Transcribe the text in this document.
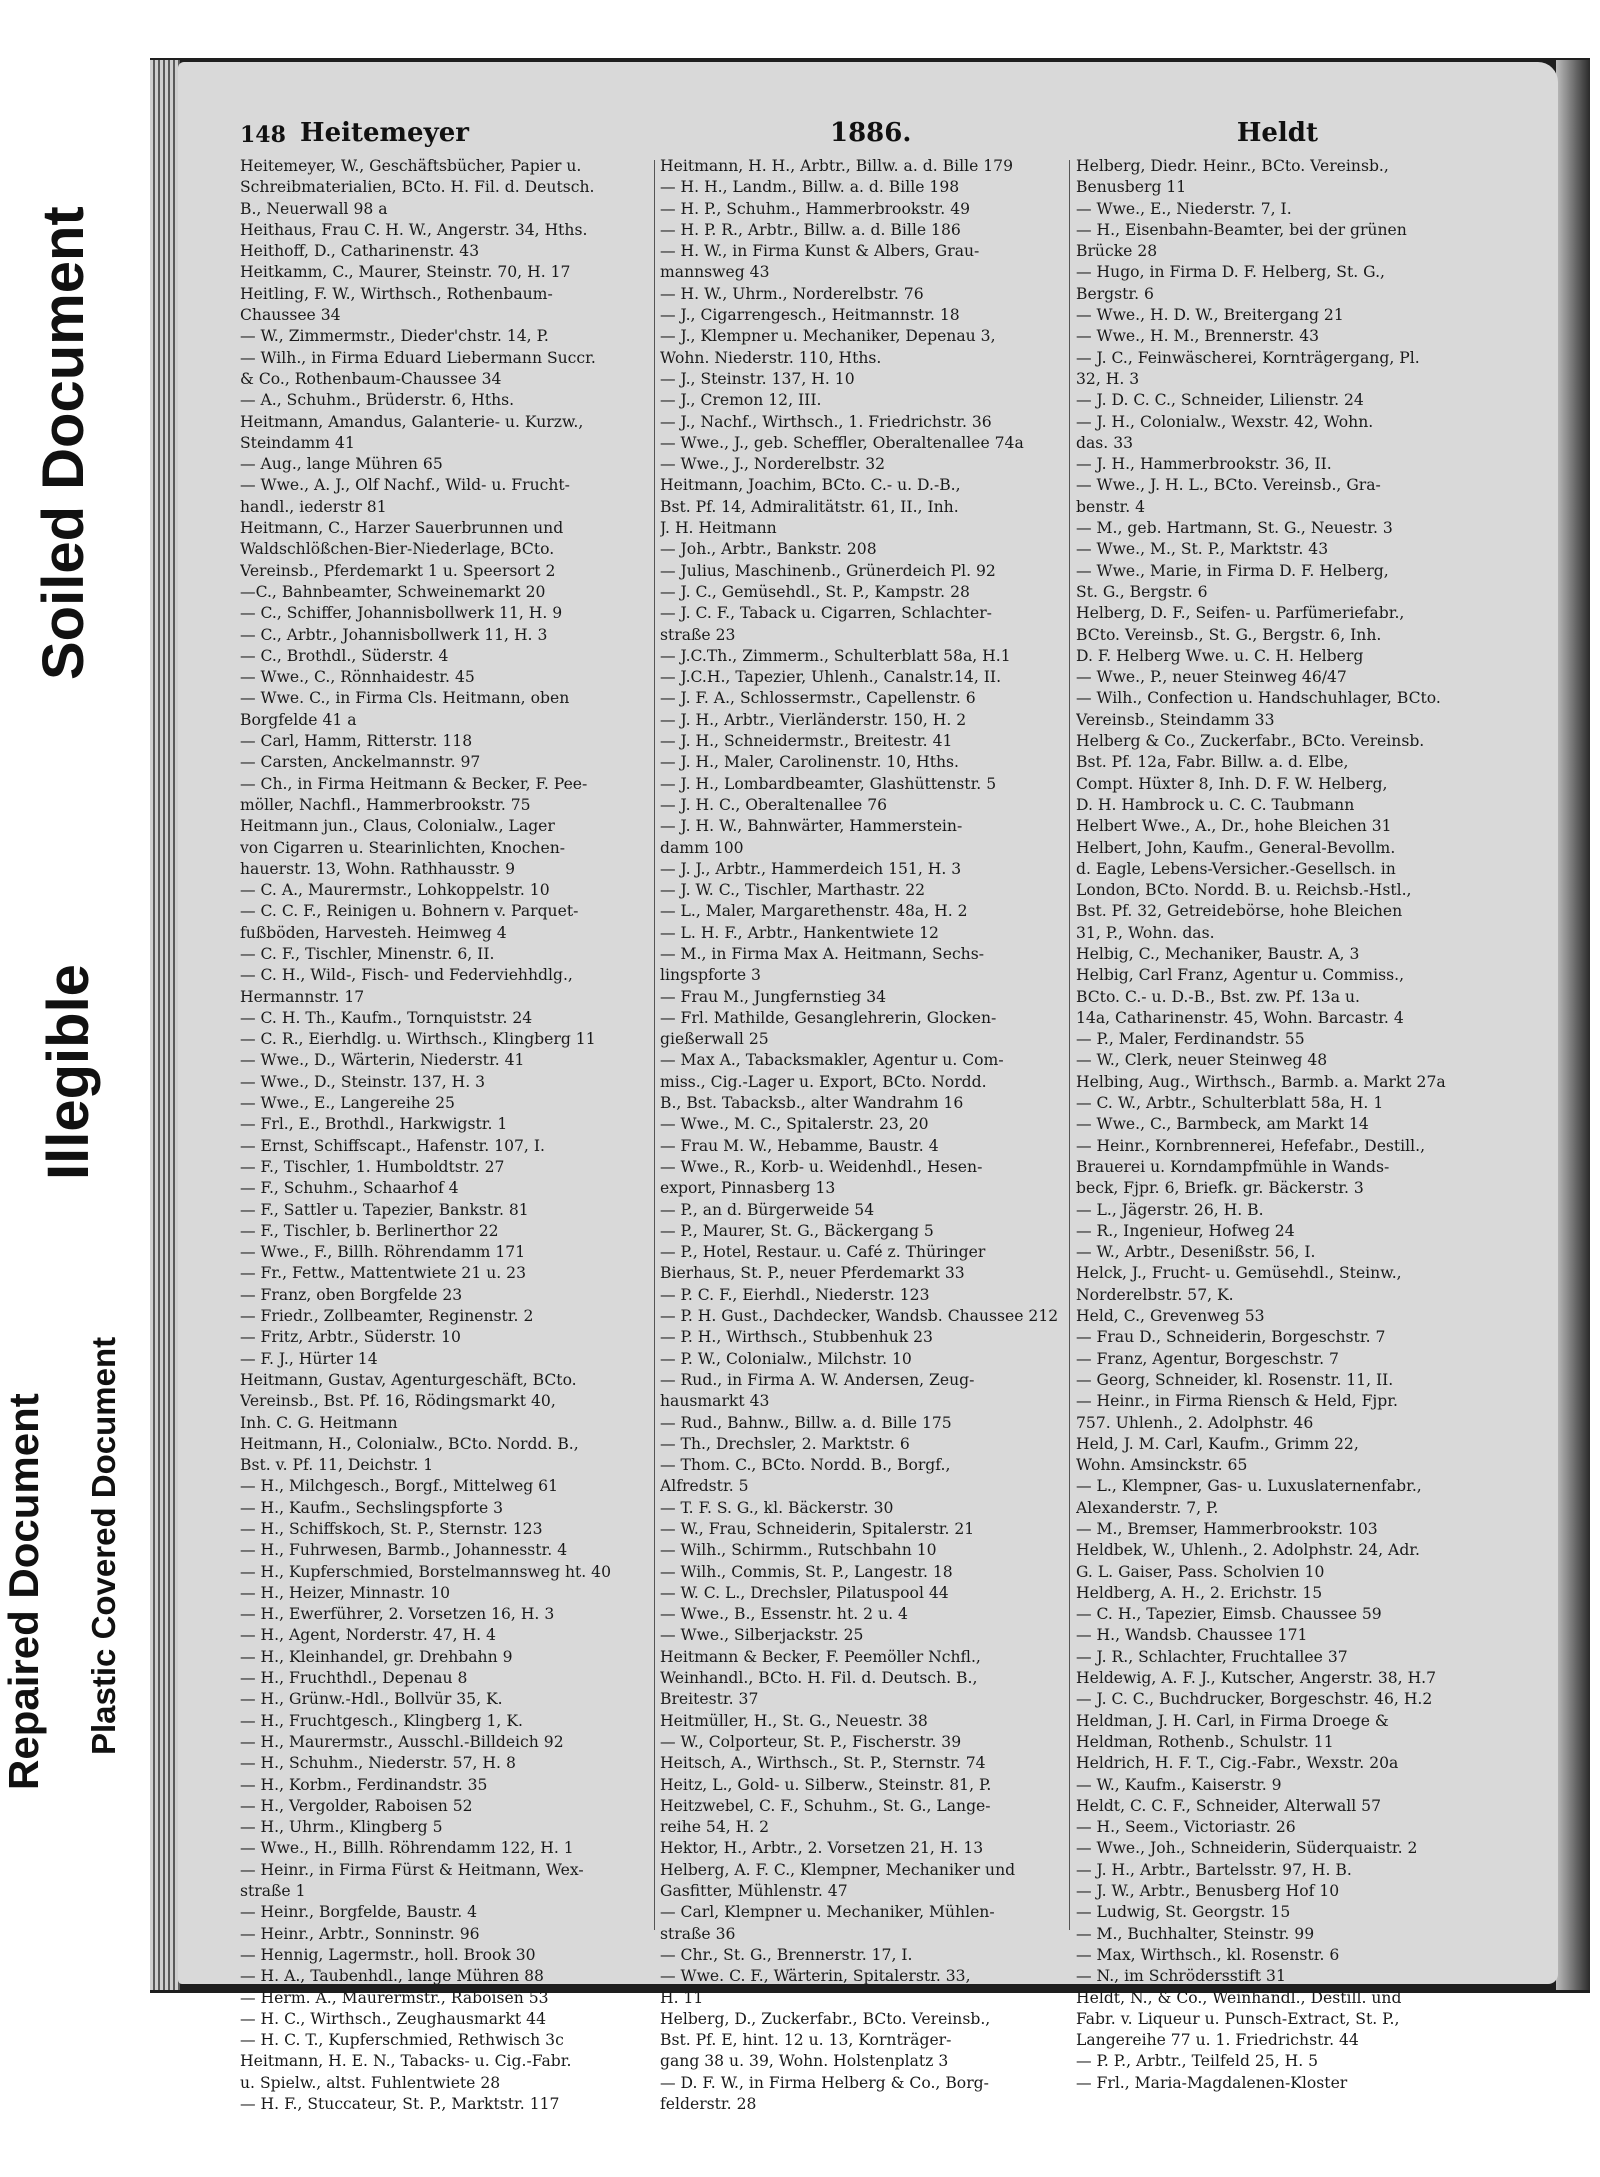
Soiled Document
Illegible
Repaired Document Plastic Covered Document
148 Heitemeyer	1886.	Heldt
Heitemeyer, W., Geschäftsbücher, Papier u.
Schreibmaterialien, BCto. H. Fil. d. Deutsch.
B., Neuerwall 98 a
Heithaus, Frau C. H. W., Angerstr. 34, Hths.
Heithoff, D., Catharinenstr. 43
Heitkamm, C., Maurer, Steinstr. 70, H. 17
Heitling, F. W., Wirthsch., Rothenbaum-
Chaussee 34
— W., Zimmermstr., Dieder'chstr. 14, P.
— Wilh., in Firma Eduard Liebermann Succr.
& Co., Rothenbaum-Chaussee 34
— A., Schuhm., Brüderstr. 6, Hths.
Heitmann, Amandus, Galanterie- u. Kurzw.,
Steindamm 41
— Aug., lange Mühren 65
— Wwe., A. J., Olf Nachf., Wild- u. Frucht-
handl., iederstr 81
Heitmann, C., Harzer Sauerbrunnen und
Waldschlößchen-Bier-Niederlage, BCto.
Vereinsb., Pferdemarkt 1 u. Speersort 2
—C., Bahnbeamter, Schweinemarkt 20
— C., Schiffer, Johannisbollwerk 11, H. 9
— C., Arbtr., Johannisbollwerk 11, H. 3
— C., Brothdl., Süderstr. 4
— Wwe., C., Rönnhaidestr. 45
— Wwe. C., in Firma Cls. Heitmann, oben
Borgfelde 41 a
— Carl, Hamm, Ritterstr. 118
— Carsten, Anckelmannstr. 97
— Ch., in Firma Heitmann & Becker, F. Pee-
möller, Nachfl., Hammerbrookstr. 75
Heitmann jun., Claus, Colonialw., Lager
von Cigarren u. Stearinlichten, Knochen-
hauerstr. 13, Wohn. Rathhausstr. 9
— C. A., Maurermstr., Lohkoppelstr. 10
— C. C. F., Reinigen u. Bohnern v. Parquet-
fußböden, Harvesteh. Heimweg 4
— C. F., Tischler, Minenstr. 6, II.
— C. H., Wild-, Fisch- und Federviehhdlg.,
Hermannstr. 17
— C. H. Th., Kaufm., Tornquiststr. 24
— C. R., Eierhdlg. u. Wirthsch., Klingberg 11
— Wwe., D., Wärterin, Niederstr. 41
— Wwe., D., Steinstr. 137, H. 3
— Wwe., E., Langereihe 25
— Frl., E., Brothdl., Harkwigstr. 1
— Ernst, Schiffscapt., Hafenstr. 107, I.
— F., Tischler, 1. Humboldtstr. 27
— F., Schuhm., Schaarhof 4
— F., Sattler u. Tapezier, Bankstr. 81
— F., Tischler, b. Berlinerthor 22
— Wwe., F., Billh. Röhrendamm 171
— Fr., Fettw., Mattentwiete 21 u. 23
— Franz, oben Borgfelde 23
— Friedr., Zollbeamter, Reginenstr. 2
— Fritz, Arbtr., Süderstr. 10
— F. J., Hürter 14
Heitmann, Gustav, Agenturgeschäft, BCto.
Vereinsb., Bst. Pf. 16, Rödingsmarkt 40,
Inh. C. G. Heitmann
Heitmann, H., Colonialw., BCto. Nordd. B.,
Bst. v. Pf. 11, Deichstr. 1
— H., Milchgesch., Borgf., Mittelweg 61
— H., Kaufm., Sechslingspforte 3
— H., Schiffskoch, St. P., Sternstr. 123
— H., Fuhrwesen, Barmb., Johannesstr. 4
— H., Kupferschmied, Borstelmannsweg ht. 40
— H., Heizer, Minnastr. 10
— H., Ewerführer, 2. Vorsetzen 16, H. 3
— H., Agent, Norderstr. 47, H. 4
— H., Kleinhandel, gr. Drehbahn 9
— H., Fruchthdl., Depenau 8
— H., Grünw.-Hdl., Bollvür 35, K.
— H., Fruchtgesch., Klingberg 1, K.
— H., Maurermstr., Ausschl.-Billdeich 92
— H., Schuhm., Niederstr. 57, H. 8
— H., Korbm., Ferdinandstr. 35
— H., Vergolder, Raboisen 52
— H., Uhrm., Klingberg 5
— Wwe., H., Billh. Röhrendamm 122, H. 1
— Heinr., in Firma Fürst & Heitmann, Wex-
straße 1
— Heinr., Borgfelde, Baustr. 4
— Heinr., Arbtr., Sonninstr. 96
— Hennig, Lagermstr., holl. Brook 30
— H. A., Taubenhdl., lange Mühren 88
— Herm. A., Maurermstr., Raboisen 53
— H. C., Wirthsch., Zeughausmarkt 44
— H. C. T., Kupferschmied, Rethwisch 3c
Heitmann, H. E. N., Tabacks- u. Cig.-Fabr.
u. Spielw., altst. Fuhlentwiete 28
— H. F., Stuccateur, St. P., Marktstr. 117
Heitmann, H. H., Arbtr., Billw. a. d. Bille 179
— H. H., Landm., Billw. a. d. Bille 198
— H. P., Schuhm., Hammerbrookstr. 49
— H. P. R., Arbtr., Billw. a. d. Bille 186
— H. W., in Firma Kunst & Albers, Grau-
mannsweg 43
— H. W., Uhrm., Norderelbstr. 76
— J., Cigarrengesch., Heitmannstr. 18
— J., Klempner u. Mechaniker, Depenau 3,
Wohn. Niederstr. 110, Hths.
— J., Steinstr. 137, H. 10
— J., Cremon 12, III.
— J., Nachf., Wirthsch., 1. Friedrichstr. 36
— Wwe., J., geb. Scheffler, Oberaltenallee 74a
— Wwe., J., Norderelbstr. 32
Heitmann, Joachim, BCto. C.- u. D.-B.,
Bst. Pf. 14, Admiralitätstr. 61, II., Inh.
J. H. Heitmann
— Joh., Arbtr., Bankstr. 208
— Julius, Maschinenb., Grünerdeich Pl. 92
— J. C., Gemüsehdl., St. P., Kampstr. 28
— J. C. F., Taback u. Cigarren, Schlachter-
straße 23
— J.C.Th., Zimmerm., Schulterblatt 58a, H.1
— J.C.H., Tapezier, Uhlenh., Canalstr.14, II.
— J. F. A., Schlossermstr., Capellenstr. 6
— J. H., Arbtr., Vierländerstr. 150, H. 2
— J. H., Schneidermstr., Breitestr. 41
— J. H., Maler, Carolinenstr. 10, Hths.
— J. H., Lombardbeamter, Glashüttenstr. 5
— J. H. C., Oberaltenallee 76
— J. H. W., Bahnwärter, Hammerstein-
damm 100
— J. J., Arbtr., Hammerdeich 151, H. 3
— J. W. C., Tischler, Marthastr. 22
— L., Maler, Margarethenstr. 48a, H. 2
— L. H. F., Arbtr., Hankentwiete 12
— M., in Firma Max A. Heitmann, Sechs-
lingspforte 3
— Frau M., Jungfernstieg 34
— Frl. Mathilde, Gesanglehrerin, Glocken-
gießerwall 25
— Max A., Tabacksmakler, Agentur u. Com-
miss., Cig.-Lager u. Export, BCto. Nordd.
B., Bst. Tabacksb., alter Wandrahm 16
— Wwe., M. C., Spitalerstr. 23, 20
— Frau M. W., Hebamme, Baustr. 4
— Wwe., R., Korb- u. Weidenhdl., Hesen-
export, Pinnasberg 13
— P., an d. Bürgerweide 54
— P., Maurer, St. G., Bäckergang 5
— P., Hotel, Restaur. u. Café z. Thüringer
Bierhaus, St. P., neuer Pferdemarkt 33
— P. C. F., Eierhdl., Niederstr. 123
— P. H. Gust., Dachdecker, Wandsb. Chaussee 212
— P. H., Wirthsch., Stubbenhuk 23
— P. W., Colonialw., Milchstr. 10
— Rud., in Firma A. W. Andersen, Zeug-
hausmarkt 43
— Rud., Bahnw., Billw. a. d. Bille 175
— Th., Drechsler, 2. Marktstr. 6
— Thom. C., BCto. Nordd. B., Borgf.,
Alfredstr. 5
— T. F. S. G., kl. Bäckerstr. 30
— W., Frau, Schneiderin, Spitalerstr. 21
— Wilh., Schirmm., Rutschbahn 10
— Wilh., Commis, St. P., Langestr. 18
— W. C. L., Drechsler, Pilatuspool 44
— Wwe., B., Essenstr. ht. 2 u. 4
— Wwe., Silberjackstr. 25
Heitmann & Becker, F. Peemöller Nchfl.,
Weinhandl., BCto. H. Fil. d. Deutsch. B.,
Breitestr. 37
Heitmüller, H., St. G., Neuestr. 38
— W., Colporteur, St. P., Fischerstr. 39
Heitsch, A., Wirthsch., St. P., Sternstr. 74
Heitz, L., Gold- u. Silberw., Steinstr. 81, P.
Heitzwebel, C. F., Schuhm., St. G., Lange-
reihe 54, H. 2
Hektor, H., Arbtr., 2. Vorsetzen 21, H. 13
Helberg, A. F. C., Klempner, Mechaniker und
Gasfitter, Mühlenstr. 47
— Carl, Klempner u. Mechaniker, Mühlen-
straße 36
— Chr., St. G., Brennerstr. 17, I.
— Wwe. C. F., Wärterin, Spitalerstr. 33,
H. 11
Helberg, D., Zuckerfabr., BCto. Vereinsb.,
Bst. Pf. E, hint. 12 u. 13, Kornträger-
gang 38 u. 39, Wohn. Holstenplatz 3
— D. F. W., in Firma Helberg & Co., Borg-
felderstr. 28
Helberg, Diedr. Heinr., BCto. Vereinsb.,
Benusberg 11
— Wwe., E., Niederstr. 7, I.
— H., Eisenbahn-Beamter, bei der grünen
Brücke 28
— Hugo, in Firma D. F. Helberg, St. G.,
Bergstr. 6
— Wwe., H. D. W., Breitergang 21
— Wwe., H. M., Brennerstr. 43
— J. C., Feinwäscherei, Kornträgergang, Pl.
32, H. 3
— J. D. C. C., Schneider, Lilienstr. 24
— J. H., Colonialw., Wexstr. 42, Wohn.
das. 33
— J. H., Hammerbrookstr. 36, II.
— Wwe., J. H. L., BCto. Vereinsb., Gra-
benstr. 4
— M., geb. Hartmann, St. G., Neuestr. 3
— Wwe., M., St. P., Marktstr. 43
— Wwe., Marie, in Firma D. F. Helberg,
St. G., Bergstr. 6
Helberg, D. F., Seifen- u. Parfümeriefabr.,
BCto. Vereinsb., St. G., Bergstr. 6, Inh.
D. F. Helberg Wwe. u. C. H. Helberg
— Wwe., P., neuer Steinweg 46/47
— Wilh., Confection u. Handschuhlager, BCto.
Vereinsb., Steindamm 33
Helberg & Co., Zuckerfabr., BCto. Vereinsb.
Bst. Pf. 12a, Fabr. Billw. a. d. Elbe,
Compt. Hüxter 8, Inh. D. F. W. Helberg,
D. H. Hambrock u. C. C. Taubmann
Helbert Wwe., A., Dr., hohe Bleichen 31
Helbert, John, Kaufm., General-Bevollm.
d. Eagle, Lebens-Versicher.-Gesellsch. in
London, BCto. Nordd. B. u. Reichsb.-Hstl.,
Bst. Pf. 32, Getreidebörse, hohe Bleichen
31, P., Wohn. das.
Helbig, C., Mechaniker, Baustr. A, 3
Helbig, Carl Franz, Agentur u. Commiss.,
BCto. C.- u. D.-B., Bst. zw. Pf. 13a u.
14a, Catharinenstr. 45, Wohn. Barcastr. 4
— P., Maler, Ferdinandstr. 55
— W., Clerk, neuer Steinweg 48
Helbing, Aug., Wirthsch., Barmb. a. Markt 27a
— C. W., Arbtr., Schulterblatt 58a, H. 1
— Wwe., C., Barmbeck, am Markt 14
— Heinr., Kornbrennerei, Hefefabr., Destill.,
Brauerei u. Korndampfmühle in Wands-
beck, Fjpr. 6, Briefk. gr. Bäckerstr. 3
— L., Jägerstr. 26, H. B.
— R., Ingenieur, Hofweg 24
— W., Arbtr., Desenißstr. 56, I.
Helck, J., Frucht- u. Gemüsehdl., Steinw.,
Norderelbstr. 57, K.
Held, C., Grevenweg 53
— Frau D., Schneiderin, Borgeschstr. 7
— Franz, Agentur, Borgeschstr. 7
— Georg, Schneider, kl. Rosenstr. 11, II.
— Heinr., in Firma Riensch & Held, Fjpr.
757. Uhlenh., 2. Adolphstr. 46
Held, J. M. Carl, Kaufm., Grimm 22,
Wohn. Amsinckstr. 65
— L., Klempner, Gas- u. Luxuslaternenfabr.,
Alexanderstr. 7, P.
— M., Bremser, Hammerbrookstr. 103
Heldbek, W., Uhlenh., 2. Adolphstr. 24, Adr.
G. L. Gaiser, Pass. Scholvien 10
Heldberg, A. H., 2. Erichstr. 15
— C. H., Tapezier, Eimsb. Chaussee 59
— H., Wandsb. Chaussee 171
— J. R., Schlachter, Fruchtallee 37
Heldewig, A. F. J., Kutscher, Angerstr. 38, H.7
— J. C. C., Buchdrucker, Borgeschstr. 46, H.2
Heldman, J. H. Carl, in Firma Droege &
Heldman, Rothenb., Schulstr. 11
Heldrich, H. F. T., Cig.-Fabr., Wexstr. 20a
— W., Kaufm., Kaiserstr. 9
Heldt, C. C. F., Schneider, Alterwall 57
— H., Seem., Victoriastr. 26
— Wwe., Joh., Schneiderin, Süderquaistr. 2
— J. H., Arbtr., Bartelsstr. 97, H. B.
— J. W., Arbtr., Benusberg Hof 10
— Ludwig, St. Georgstr. 15
— M., Buchhalter, Steinstr. 99
— Max, Wirthsch., kl. Rosenstr. 6
— N., im Schrödersstift 31
Heldt, N., & Co., Weinhandl., Destill. und
Fabr. v. Liqueur u. Punsch-Extract, St. P.,
Langereihe 77 u. 1. Friedrichstr. 44
— P. P., Arbtr., Teilfeld 25, H. 5
— Frl., Maria-Magdalenen-Kloster
